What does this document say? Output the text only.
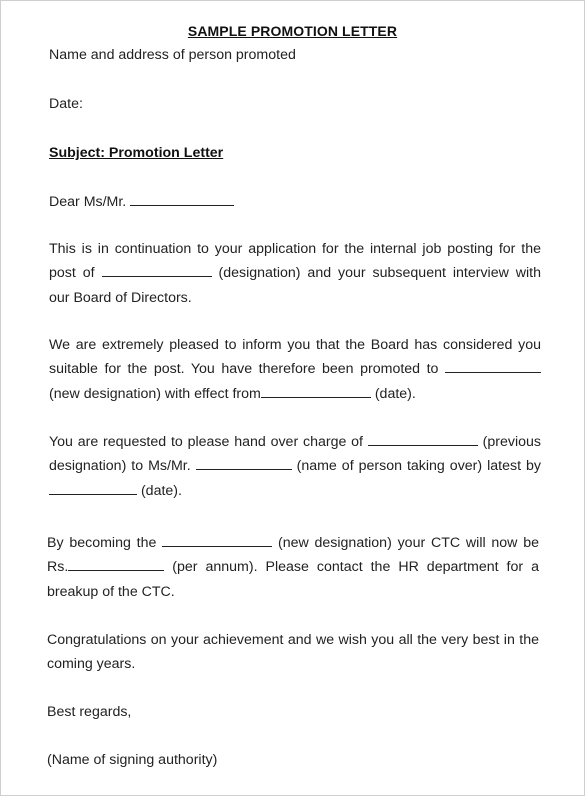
SAMPLE PROMOTION LETTER
Name and address of person promoted
Date:
Subject: Promotion Letter
Dear Ms/Mr.
This is in continuation to your application for the internal job posting for the post of	(designation) and your subsequent interview with our Board of Directors.
We are extremely pleased to inform you that the Board has considered you suitable for the post. You have therefore been promoted to  (new designation) with effect from	(date).
You are requested to please hand over charge of	(previous designation) to Ms/Mr.	(name of person taking over) latest by  (date).
By becoming the	(new designation) your CTC will now be Rs.	(per annum). Please contact the HR department for a breakup of the CTC.
Congratulations on your achievement and we wish you all the very best in the coming years.
Best regards,
(Name of signing authority)
